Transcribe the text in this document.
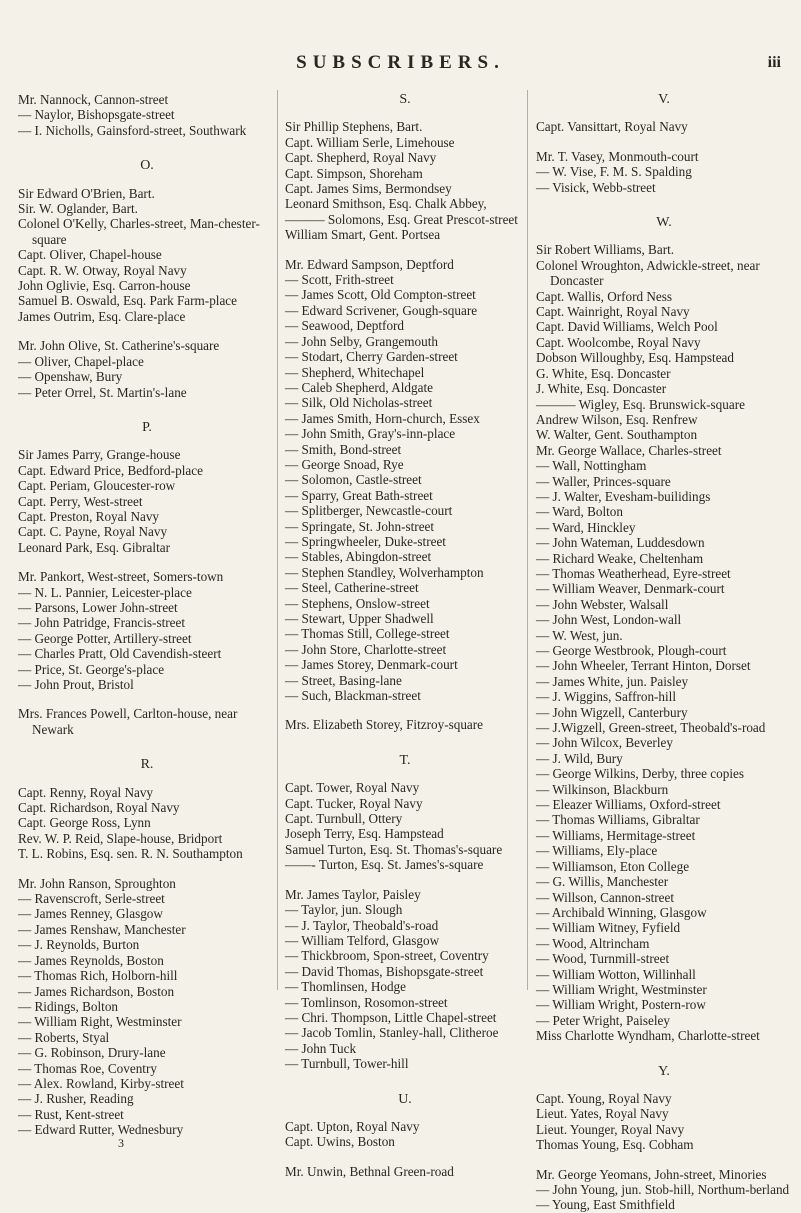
SUBSCRIBERS.	iii
Mr. Nannock, Cannon-street
— Naylor, Bishopsgate-street
— I. Nicholls, Gainsford-street, Southwark
O.
Sir Edward O'Brien, Bart.
Sir. W. Oglander, Bart.
Colonel O'Kelly, Charles-street, Man-chester-square
Capt. Oliver, Chapel-house
Capt. R. W. Otway, Royal Navy
John Oglivie, Esq. Carron-house
Samuel B. Oswald, Esq. Park Farm-place
James Outrim, Esq. Clare-place
Mr. John Olive, St. Catherine's-square
— Oliver, Chapel-place
— Openshaw, Bury
— Peter Orrel, St. Martin's-lane
P.
Sir James Parry, Grange-house
Capt. Edward Price, Bedford-place
Capt. Periam, Gloucester-row
Capt. Perry, West-street
Capt. Preston, Royal Navy
Capt. C. Payne, Royal Navy
Leonard Park, Esq. Gibraltar
Mr. Pankort, West-street, Somers-town
— N. L. Pannier, Leicester-place
— Parsons, Lower John-street
— John Patridge, Francis-street
— George Potter, Artillery-street
— Charles Pratt, Old Cavendish-steert
— Price, St. George's-place
— John Prout, Bristol
Mrs. Frances Powell, Carlton-house, near Newark
R.
Capt. Renny, Royal Navy
Capt. Richardson, Royal Navy
Capt. George Ross, Lynn
Rev. W. P. Reid, Slape-house, Bridport
T. L. Robins, Esq. sen. R. N. Southampton
Mr. John Ranson, Sproughton
— Ravenscroft, Serle-street
— James Renney, Glasgow
— James Renshaw, Manchester
— J. Reynolds, Burton
— James Reynolds, Boston
— Thomas Rich, Holborn-hill
— James Richardson, Boston
— Ridings, Bolton
— William Right, Westminster
— Roberts, Styal
— G. Robinson, Drury-lane
— Thomas Roe, Coventry
— Alex. Rowland, Kirby-street
— J. Rusher, Reading
— Rust, Kent-street
— Edward Rutter, Wednesbury
3
S.
Sir Phillip Stephens, Bart.
Capt. William Serle, Limehouse
Capt. Shepherd, Royal Navy
Capt. Simpson, Shoreham
Capt. James Sims, Bermondsey
Leonard Smithson, Esq. Chalk Abbey,
——— Solomons, Esq. Great Prescot-street
William Smart, Gent. Portsea
Mr. Edward Sampson, Deptford
— Scott, Frith-street
— James Scott, Old Compton-street
— Edward Scrivener, Gough-square
— Seawood, Deptford
— John Selby, Grangemouth
— Stodart, Cherry Garden-street
— Shepherd, Whitechapel
— Caleb Shepherd, Aldgate
— Silk, Old Nicholas-street
— James Smith, Horn-church, Essex
— John Smith, Gray's-inn-place
— Smith, Bond-street
— George Snoad, Rye
— Solomon, Castle-street
— Sparry, Great Bath-street
— Splitberger, Newcastle-court
— Springate, St. John-street
— Springwheeler, Duke-street
— Stables, Abingdon-street
— Stephen Standley, Wolverhampton
— Steel, Catherine-street
— Stephens, Onslow-street
— Stewart, Upper Shadwell
— Thomas Still, College-street
— John Store, Charlotte-street
— James Storey, Denmark-court
— Street, Basing-lane
— Such, Blackman-street
Mrs. Elizabeth Storey, Fitzroy-square
T.
Capt. Tower, Royal Navy
Capt. Tucker, Royal Navy
Capt. Turnbull, Ottery
Joseph Terry, Esq. Hampstead
Samuel Turton, Esq. St. Thomas's-square
——- Turton, Esq. St. James's-square
Mr. James Taylor, Paisley
— Taylor, jun. Slough
— J. Taylor, Theobald's-road
— William Telford, Glasgow
— Thickbroom, Spon-street, Coventry
— David Thomas, Bishopsgate-street
— Thomlinsen, Hodge
— Tomlinson, Rosomon-street
— Chri. Thompson, Little Chapel-street
— Jacob Tomlin, Stanley-hall, Clitheroe
— John Tuck
— Turnbull, Tower-hill
U.
Capt. Upton, Royal Navy
Capt. Uwins, Boston
Mr. Unwin, Bethnal Green-road
V.
Capt. Vansittart, Royal Navy
Mr. T. Vasey, Monmouth-court
— W. Vise, F. M. S. Spalding
— Visick, Webb-street
W.
Sir Robert Williams, Bart.
Colonel Wroughton, Adwickle-street, near Doncaster
Capt. Wallis, Orford Ness
Capt. Wainright, Royal Navy
Capt. David Williams, Welch Pool
Capt. Woolcombe, Royal Navy
Dobson Willoughby, Esq. Hampstead
G. White, Esq. Doncaster
J. White, Esq. Doncaster
——— Wigley, Esq. Brunswick-square
Andrew Wilson, Esq. Renfrew
W. Walter, Gent. Southampton
Mr. George Wallace, Charles-street
— Wall, Nottingham
— Waller, Princes-square
— J. Walter, Evesham-builidings
— Ward, Bolton
— Ward, Hinckley
— John Wateman, Luddesdown
— Richard Weake, Cheltenham
— Thomas Weatherhead, Eyre-street
— William Weaver, Denmark-court
— John Webster, Walsall
— John West, London-wall
— W. West, jun.
— George Westbrook, Plough-court
— John Wheeler, Terrant Hinton, Dorset
— James White, jun. Paisley
— J. Wiggins, Saffron-hill
— John Wigzell, Canterbury
— J.Wigzell, Green-street, Theobald's-road
— John Wilcox, Beverley
— J. Wild, Bury
— George Wilkins, Derby, three copies
— Wilkinson, Blackburn
— Eleazer Williams, Oxford-street
— Thomas Williams, Gibraltar
— Williams, Hermitage-street
— Williams, Ely-place
— Williamson, Eton College
— G. Willis, Manchester
— Willson, Cannon-street
— Archibald Winning, Glasgow
— William Witney, Fyfield
— Wood, Altrincham
— Wood, Turnmill-street
— William Wotton, Willinhall
— William Wright, Westminster
— William Wright, Postern-row
— Peter Wright, Paiseley
Miss Charlotte Wyndham, Charlotte-street
Y.
Capt. Young, Royal Navy
Lieut. Yates, Royal Navy
Lieut. Younger, Royal Navy
Thomas Young, Esq. Cobham
Mr. George Yeomans, John-street, Minories
— John Young, jun. Stob-hill, Northum-berland
— Young, East Smithfield
